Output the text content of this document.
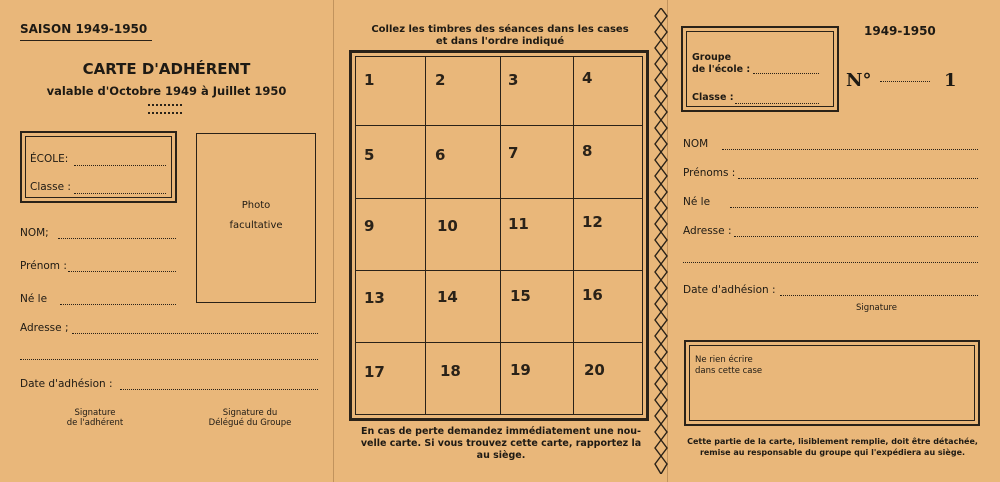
SAISON 1949-1950
CARTE D'ADHÉRENT
valable d'Octobre 1949 à Juillet 1950
ÉCOLE:
Classe :
Photo
facultative
NOM;
Prénom :
Né le
Adresse ;
Date d'adhésion :
Signature
de l'adhérent
Signature du
Délégué du Groupe
Collez les timbres des séances dans les cases
et dans l'ordre indiqué
1	2	3	4
5	6	7	8
9	10	11	12
13	14	15	16
17	18	19	20
En cas de perte demandez immédiatement une nou-
velle carte. Si vous trouvez cette carte, rapportez la
au siège.
Groupe
de l'école :
Classe :
1949-1950
N°	1
NOM
Prénoms :
Né le
Adresse :
Date d'adhésion :
Signature
Ne rien écrire
dans cette case
Cette partie de la carte, lisiblement remplie, doit être détachée,
remise au responsable du groupe qui l'expédiera au siège.
